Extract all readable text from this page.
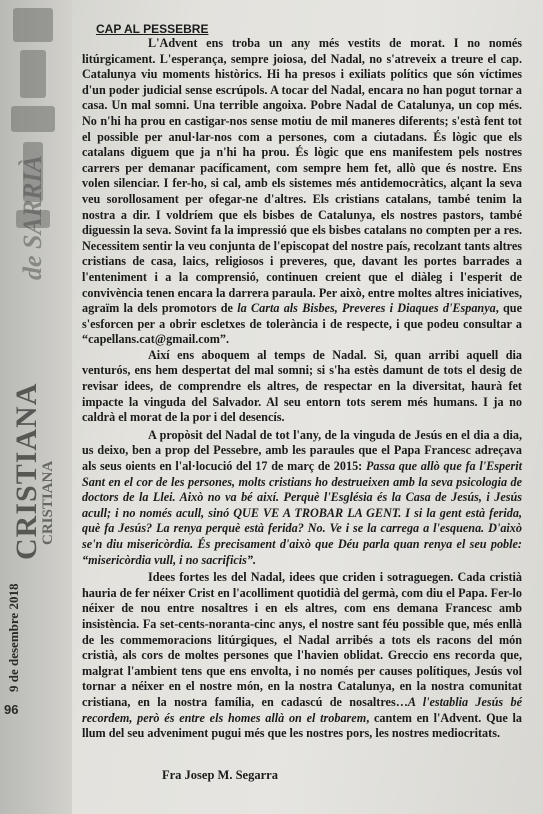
de SARRIÀ
CRISTIANA
CRISTIANA
9 de desembre 2018
96
CAP AL PESSEBRE

L'Advent ens troba un any més vestits de morat. I no només litúrgicament. L'esperança, sempre joiosa, del Nadal, no s'atreveix a treure el cap. Catalunya viu moments històrics. Hi ha presos i exiliats polítics que són víctimes d'un poder judicial sense escrúpols. A tocar del Nadal, encara no han pogut tornar a casa. Un mal somni. Una terrible angoixa. Pobre Nadal de Catalunya, un cop més. No n'hi ha prou en castigar-nos sense motiu de mil maneres diferents; s'està fent tot el possible per anul·lar-nos com a persones, com a ciutadans. És lògic que els catalans diguem que ja n'hi ha prou. És lògic que ens manifestem pels nostres carrers per demanar pacíficament, com sempre hem fet, allò que és nostre. Ens volen silenciar. I fer-ho, si cal, amb els sistemes més antidemocràtics, alçant la seva veu sorollosament per ofegar-ne d'altres. Els cristians catalans, també tenim la nostra a dir. I voldríem que els bisbes de Catalunya, els nostres pastors, també diguessin la seva. Sovint fa la impressió que els bisbes catalans no compten per a res. Necessitem sentir la veu conjunta de l'episcopat del nostre país, recolzant tants altres cristians de casa, laics, religiosos i preveres, que, davant les portes barrades a l'enteniment i a la comprensió, continuen creient que el diàleg i l'esperit de convivència tenen encara la darrera paraula. Per això, entre moltes altres iniciatives, agraïm la dels promotors de la Carta als Bisbes, Preveres i Diaques d'Espanya, que s'esforcen per a obrir escletxes de tolerància i de respecte, i que podeu consultar a “capellans.cat@gmail.com”.

Així ens aboquem al temps de Nadal. Si, quan arribi aquell dia venturós, ens hem despertat del mal somni; si s'ha estès damunt de tots el desig de revisar idees, de comprendre els altres, de respectar en la diversitat, haurà fet impacte la vinguda del Salvador. Al seu entorn tots serem més humans. I ja no caldrà el morat de la por i del desencís.

A propòsit del Nadal de tot l'any, de la vinguda de Jesús en el dia a dia, us deixo, ben a prop del Pessebre, amb les paraules que el Papa Francesc adreçava als seus oients en l'al·locució del 17 de març de 2015: Passa que allò que fa l'Esperit Sant en el cor de les persones, molts cristians ho destrueixen amb la seva psicologia de doctors de la Llei. Això no va bé així. Perquè l'Església és la Casa de Jesús, i Jesús acull; i no només acull, sinó QUE VE A TROBAR LA GENT. I si la gent està ferida, què fa Jesús? La renya perquè està ferida? No. Ve i se la carrega a l'esquena. D'això se'n diu misericòrdia. És precisament d'això que Déu parla quan renya el seu poble: “misericòrdia vull, i no sacrificis”.

Idees fortes les del Nadal, idees que criden i sotraguegen. Cada cristià hauria de fer néixer Crist en l'acolliment quotidià del germà, com diu el Papa. Fer-lo néixer de nou entre nosaltres i en els altres, com ens demana Francesc amb insistència. Fa set-cents-noranta-cinc anys, el nostre sant féu possible que, més enllà de les commemoracions litúrgiques, el Nadal arribés a tots els racons del món cristià, als cors de moltes persones que l'havien oblidat. Greccio ens recorda que, malgrat l'ambient tens que ens envolta, i no només per causes polítiques, Jesús vol tornar a néixer en el nostre món, en la nostra Catalunya, en la nostra comunitat cristiana, en la nostra família, en cadascú de nosaltres…A l'establia Jesús bé recordem, però és entre els homes allà on el trobarem, cantem en l'Advent. Que la llum del seu adveniment pugui més que les nostres pors, les nostres mediocritats.

Fra Josep M. Segarra
